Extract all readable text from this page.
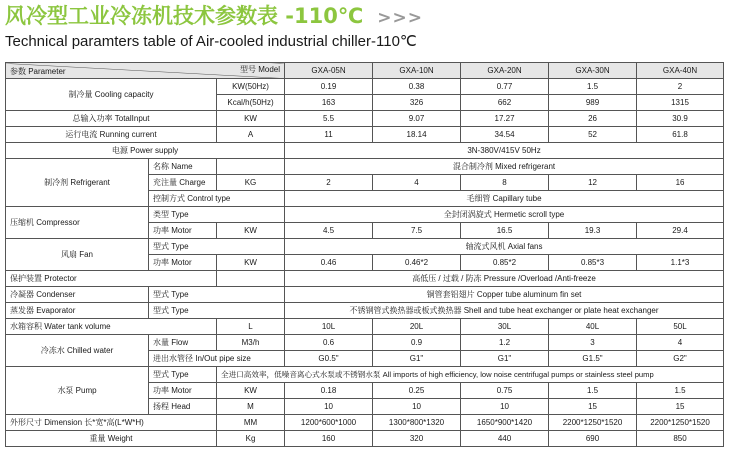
风冷型工业冷冻机技术参数表 -110℃ >>>
Technical paramters table of Air-cooled industrial chiller-110℃
型号 Model
参数 Parameter			GXA-05N	GXA-10N	GXA-20N	GXA-30N	GXA-40N
制冷量 Cooling capacity		KW(50Hz)	0.19	0.38	0.77	1.5	2
		Kcal/h(50Hz)	163	326	662	989	1315
总输入功率 TotalInput		KW	5.5	9.07	17.27	26	30.9
运行电流 Running current		A	11	18.14	34.54	52	61.8
电源 Power supply			3N-380V/415V 50Hz				
制冷剂 Refrigerant	名称 Name		混合制冷剂 Mixed refrigerant				
	充注量 Charge	KG	2	4	8	12	16
	控制方式 Control type		毛细管 Capillary tube				
压缩机 Compressor	类型 Type		全封闭涡旋式 Hermetic scroll type				
	功率 Motor	KW	4.5	7.5	16.5	19.3	29.4
风扇 Fan	型式 Type		轴流式风机 Axial fans				
	功率 Motor	KW	0.46	0.46*2	0.85*2	0.85*3	1.1*3
保护装置 Protector			高低压 / 过载 / 防冻 Pressure /Overload /Anti-freeze				
冷凝器 Condenser	型式 Type		铜管套铝翅片 Copper tube aluminum fin set				
蒸发器 Evaporator	型式 Type		不锈钢管式换热器或板式换热器 Shell and tube heat exchanger or plate heat exchanger				
水箱容积 Water tank volume		L	10L	20L	30L	40L	50L
冷冻水 Chilled water	水量 Flow	M3/h	0.6	0.9	1.2	3	4
	进出水管径 In/Out pipe size		G0.5"	G1"	G1"	G1.5"	G2"
水泵 Pump	型式 Type	全进口高效率，低噪音离心式水泵或不锈钢水泵 All imports of high efficiency, low noise centrifugal pumps or stainless steel pump					
	功率 Motor	KW	0.18	0.25	0.75	1.5	1.5
	扬程 Head	M	10	10	10	15	15
外形尺寸 Dimension 长*宽*高(L*W*H)		MM	1200*600*1000	1300*800*1320	1650*900*1420	2200*1250*1520	2200*1250*1520
重量 Weight		Kg	160	320	440	690	850
